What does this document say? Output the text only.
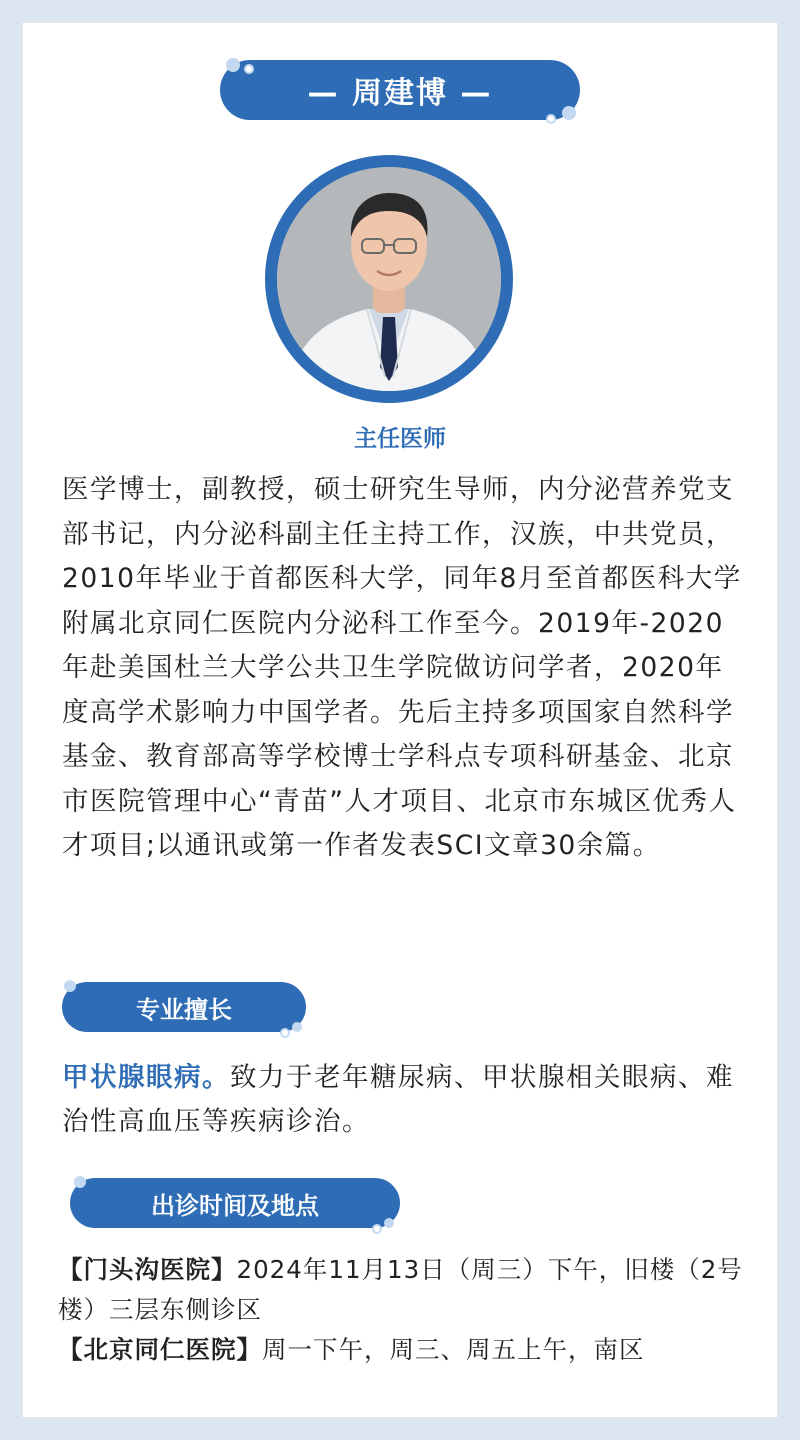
— 周建博 —
主任医师
医学博士，副教授，硕士研究生导师，内分泌营养党支部书记，内分泌科副主任主持工作，汉族，中共党员，2010年毕业于首都医科大学，同年8月至首都医科大学附属北京同仁医院内分泌科工作至今。2019年-2020年赴美国杜兰大学公共卫生学院做访问学者，2020年度高学术影响力中国学者。先后主持多项国家自然科学基金、教育部高等学校博士学科点专项科研基金、北京市医院管理中心“青苗”人才项目、北京市东城区优秀人才项目;以通讯或第一作者发表SCI文章30余篇。
专业擅长
甲状腺眼病。致力于老年糖尿病、甲状腺相关眼病、难治性高血压等疾病诊治。
出诊时间及地点
【门头沟医院】2024年11月13日（周三）下午，旧楼（2号楼）三层东侧诊区
【北京同仁医院】周一下午，周三、周五上午，南区
